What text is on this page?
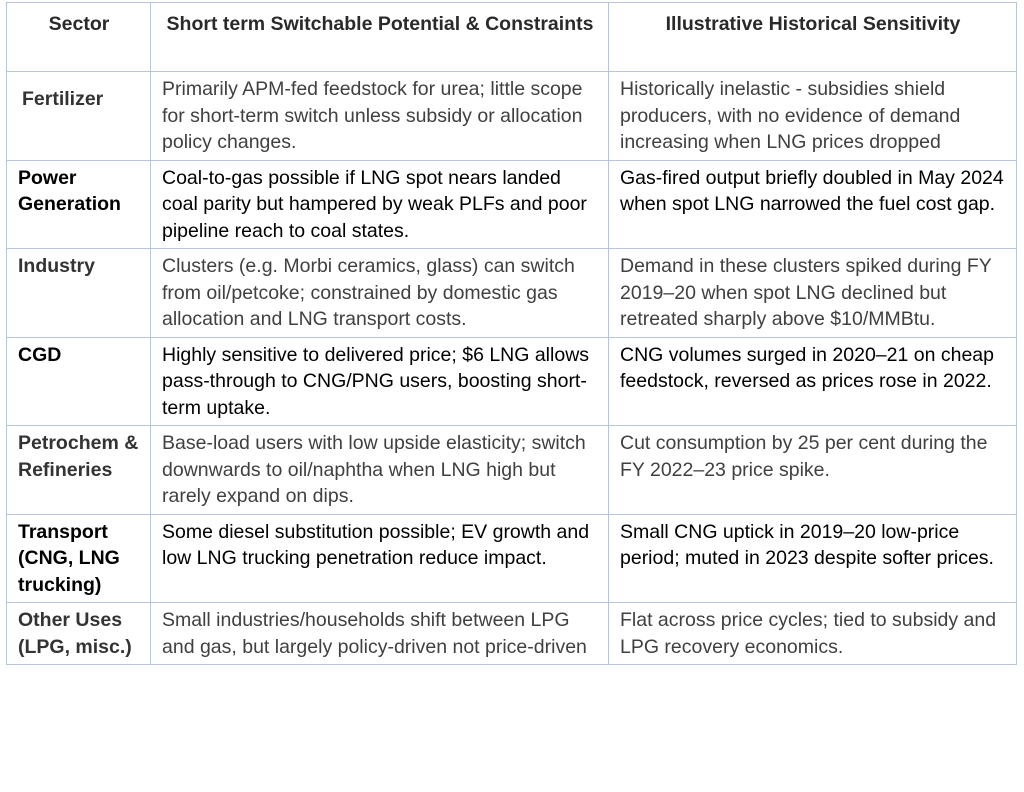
Sector	Short term Switchable Potential & Constraints	Illustrative Historical Sensitivity
Fertilizer	Primarily APM-fed feedstock for urea; little scope for short-term switch unless subsidy or allocation policy changes.	Historically inelastic - subsidies shield producers, with no evidence of demand increasing when LNG prices dropped
Power Generation	Coal-to-gas possible if LNG spot nears landed coal parity but hampered by weak PLFs and poor pipeline reach to coal states.	Gas-fired output briefly doubled in May 2024 when spot LNG narrowed the fuel cost gap.
Industry	Clusters (e.g. Morbi ceramics, glass) can switch from oil/petcoke; constrained by domestic gas allocation and LNG transport costs.	Demand in these clusters spiked during FY 2019–20 when spot LNG declined but retreated sharply above $10/MMBtu.
CGD	Highly sensitive to delivered price; $6 LNG allows pass-through to CNG/PNG users, boosting short-term uptake.	CNG volumes surged in 2020–21 on cheap feedstock, reversed as prices rose in 2022.
Petrochem & Refineries	Base-load users with low upside elasticity; switch downwards to oil/naphtha when LNG high but rarely expand on dips.	Cut consumption by 25 per cent during the FY 2022–23 price spike.
Transport (CNG, LNG trucking)	Some diesel substitution possible; EV growth and low LNG trucking penetration reduce impact.	Small CNG uptick in 2019–20 low-price period; muted in 2023 despite softer prices.
Other Uses (LPG, misc.)	Small industries/households shift between LPG and gas, but largely policy-driven not price-driven	Flat across price cycles; tied to subsidy and LPG recovery economics.
